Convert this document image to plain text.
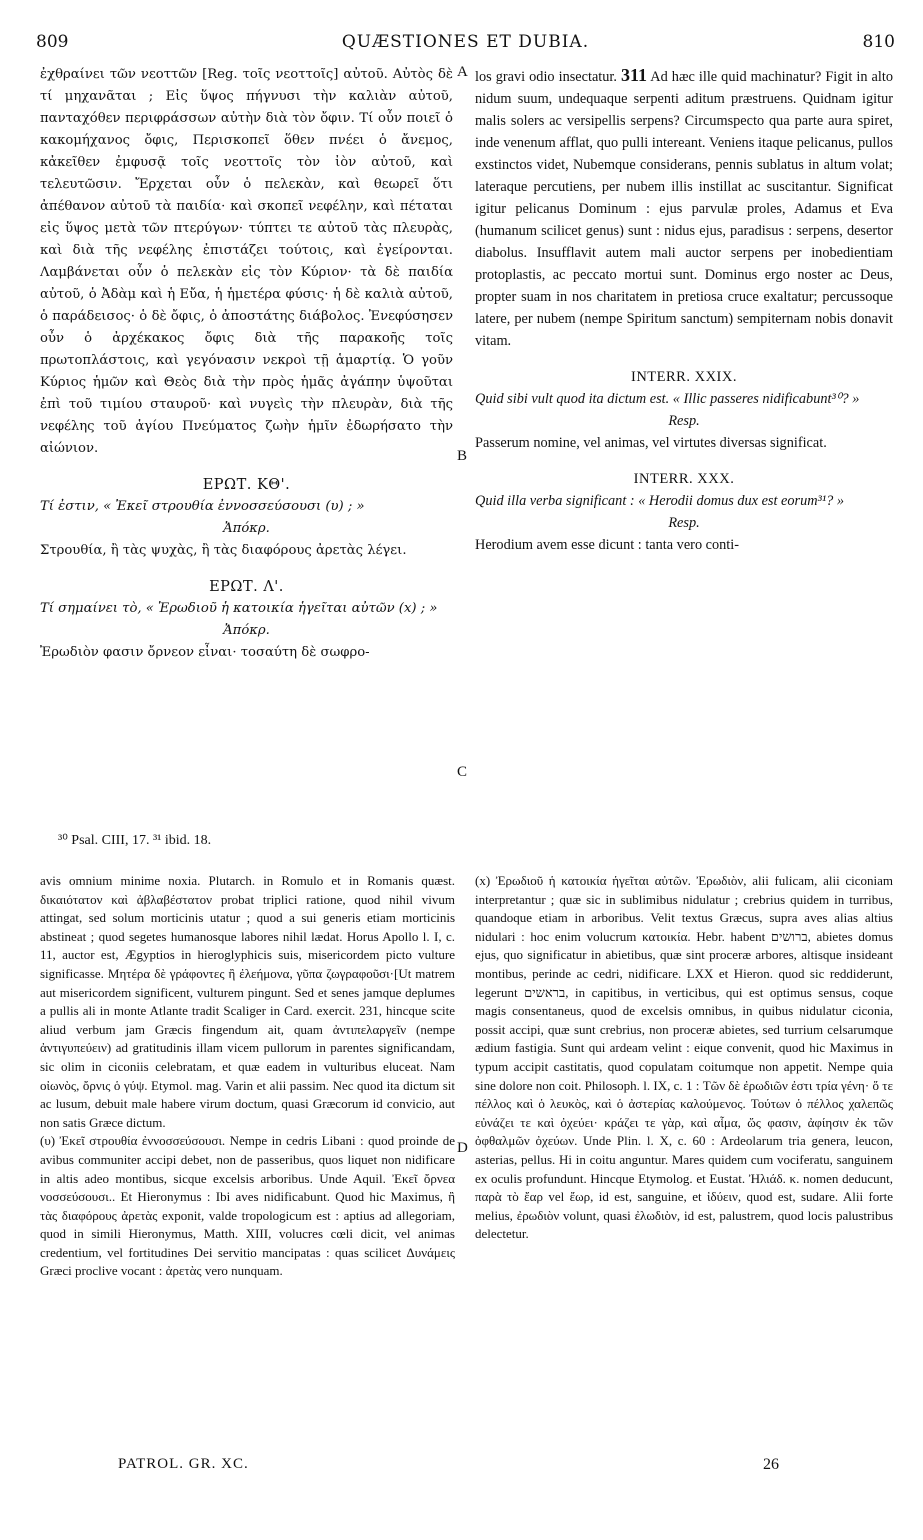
809	QUÆSTIONES ET DUBIA.	810
A
B
C
D

ἐχθραίνει τῶν νεοττῶν [Reg. τοῖς νεοττοῖς] αὐτοῦ. Αὐτὸς δὲ τί μηχανᾶται ; Εἰς ὕψος πήγνυσι τὴν καλιὰν αὐτοῦ, πανταχόθεν περιφράσσων αὐτὴν διὰ τὸν ὄφιν. Τί οὖν ποιεῖ ὁ κακομήχανος ὄφις, Περισκοπεῖ ὅθεν πνέει ὁ ἄνεμος, κἀκεῖθεν ἐμφυσᾷ τοῖς νεοττοῖς τὸν ἰὸν αὐτοῦ, καὶ τελευτῶσιν. Ἔρχεται οὖν ὁ πελεκὰν, καὶ θεωρεῖ ὅτι ἀπέθανον αὐτοῦ τὰ παιδία· καὶ σκοπεῖ νεφέλην, καὶ πέταται εἰς ὕψος μετὰ τῶν πτερύγων· τύπτει τε αὐτοῦ τὰς πλευρὰς, καὶ διὰ τῆς νεφέλης ἐπιστάζει τούτοις, καὶ ἐγείρονται. Λαμβάνεται οὖν ὁ πελεκὰν εἰς τὸν Κύριον· τὰ δὲ παιδία αὐτοῦ, ὁ Ἀδὰμ καὶ ἡ Εὔα, ἡ ἡμετέρα φύσις· ἡ δὲ καλιὰ αὐτοῦ, ὁ παράδεισος· ὁ δὲ ὄφις, ὁ ἀποστάτης διάβολος. Ἐνεφύσησεν οὖν ὁ ἀρχέκακος ὄφις διὰ τῆς παρακοῆς τοῖς πρωτοπλάστοις, καὶ γεγόνασιν νεκροὶ τῇ ἁμαρτίᾳ. Ὁ γοῦν Κύριος ἡμῶν καὶ Θεὸς διὰ τὴν πρὸς ἡμᾶς ἀγάπην ὑψοῦται ἐπὶ τοῦ τιμίου σταυροῦ· καὶ νυγεὶς τὴν πλευρὰν, διὰ τῆς νεφέλης τοῦ ἁγίου Πνεύματος ζωὴν ἡμῖν ἐδωρήσατο τὴν αἰώνιον.

ΕΡΩΤ. ΚΘ'.

Τί ἐστιν, « Ἐκεῖ στρουθία ἐννοσσεύσουσι (υ) ; »

Ἀπόκρ.

Στρουθία, ἢ τὰς ψυχὰς, ἢ τὰς διαφόρους ἀρετὰς λέγει.

ΕΡΩΤ. Λ'.

Τί σημαίνει τὸ, « Ἐρωδιοῦ ἡ κατοικία ἡγεῖται αὐτῶν (x) ; »

Ἀπόκρ.

Ἐρωδιὸν φασιν ὄρνεον εἶναι· τοσαύτη δὲ σωφρο-

los gravi odio insectatur. 311 Ad hæc ille quid machinatur? Figit in alto nidum suum, undequaque serpenti aditum præstruens. Quidnam igitur malis solers ac versipellis serpens? Circumspecto qua parte aura spiret, inde venenum afflat, quo pulli intereant. Veniens itaque pelicanus, pullos exstinctos videt, Nubemque considerans, pennis sublatus in altum volat; lateraque percutiens, per nubem illis instillat ac suscitantur. Significat igitur pelicanus Dominum : ejus parvulæ proles, Adamus et Eva (humanum scilicet genus) sunt : nidus ejus, paradisus : serpens, desertor diabolus. Insufflavit autem mali auctor serpens per inobedientiam protoplastis, ac peccato mortui sunt. Dominus ergo noster ac Deus, propter suam in nos charitatem in pretiosa cruce exaltatur; percussoque latere, per nubem (nempe Spiritum sanctum) sempiternam nobis donavit vitam.

INTERR. XXIX.

Quid sibi vult quod ita dictum est. « Illic passeres nidificabunt³⁰? »

Resp.

Passerum nomine, vel animas, vel virtutes diversas significat.

INTERR. XXX.

Quid illa verba significant : « Herodii domus dux est eorum³¹? »

Resp.

Herodium avem esse dicunt : tanta vero conti-

³⁰ Psal. CIII, 17. ³¹ ibid. 18.

avis omnium minime noxia. Plutarch. in Romulo et in Romanis quæst. δικαιότατον καὶ ἀβλαβέστατον probat triplici ratione, quod nihil vivum attingat, sed solum morticinis utatur ; quod a sui generis etiam morticinis abstineat ; quod segetes humanosque labores nihil lædat. Horus Apollo l. I, c. 11, auctor est, Ægyptios in hieroglyphicis suis, misericordem picto vulture significasse. Μητέρα δὲ γράφοντες ἢ ἐλεήμονα, γῦπα ζωγραφοῦσι·[Ut matrem aut misericordem significent, vulturem pingunt. Sed et senes jamque deplumes a pullis ali in monte Atlante tradit Scaliger in Card. exercit. 231, hincque scite aliud verbum jam Græcis fingendum ait, quam ἀντιπελαργεῖν (nempe ἀντιγυπεύειν) ad gratitudinis illam vicem pullorum in parentes significandam, sic olim in ciconiis celebratam, et quæ eadem in vulturibus eluceat. Nam οἰωνὸς, ὄρνις ὁ γύψ. Etymol. mag. Varin et alii passim. Nec quod ita dictum sit ac lusum, debuit male habere virum doctum, quasi Græcorum id convicio, aut non satis Græce dictum.

(υ) Ἐκεῖ στρουθία ἐννοσσεύσουσι. Nempe in cedris Libani : quod proinde de avibus communiter accipi debet, non de passeribus, quos liquet non nidificare in altis adeo montibus, sicque excelsis arboribus. Unde Aquil. Ἐκεῖ ὄρνεα νοσσεύσουσι.. Et Hieronymus : Ibi aves nidificabunt. Quod hic Maximus, ἢ τὰς διαφόρους ἀρετὰς exponit, valde tropologicum est : aptius ad allegoriam, quod in simili Hieronymus, Matth. XIII, volucres cœli dicit, vel animas credentium, vel fortitudines Dei servitio mancipatas : quas scilicet Δυνάμεις Græci proclive vocant : ἀρετὰς vero nunquam.

(x) Ἐρωδιοῦ ἡ κατοικία ἡγεῖται αὐτῶν. Ἐρωδιὸν, alii fulicam, alii ciconiam interpretantur ; quæ sic in sublimibus nidulatur ; crebrius quidem in turribus, quandoque etiam in arboribus. Velit textus Græcus, supra aves alias altius nidulari : hoc enim volucrum κατοικία. Hebr. habent ברושים, abietes domus ejus, quo significatur in abietibus, quæ sint proceræ arbores, altisque insideant montibus, perinde ac cedri, nidificare. LXX et Hieron. quod sic reddiderunt, legerunt בראשים, in capitibus, in verticibus, qui est optimus sensus, coque magis consentaneus, quod de excelsis omnibus, in quibus nidulatur ciconia, possit accipi, quæ sunt crebrius, non proceræ abietes, sed turrium celsarumque ædium fastigia. Sunt qui ardeam velint : eique convenit, quod hic Maximus in typum accipit castitatis, quod copulatam coitumque non appetit. Nempe quia sine dolore non coit. Philosoph. l. IX, c. 1 : Τῶν δὲ ἐρωδιῶν ἐστι τρία γένη· ὅ τε πέλλος καὶ ὁ λευκὸς, καὶ ὁ ἀστερίας καλούμενος. Τούτων ὁ πέλλος χαλεπῶς εὐνάζει τε καὶ ὀχεύει· κράζει τε γὰρ, καὶ αἷμα, ὥς φασιν, ἀφίησιν ἐκ τῶν ὀφθαλμῶν ὀχεύων. Unde Plin. l. X, c. 60 : Ardeolarum tria genera, leucon, asterias, pellus. Hi in coitu anguntur. Mares quidem cum vociferatu, sanguinem ex oculis profundunt. Hincque Etymolog. et Eustat. Ἠλιάδ. κ. nomen deducunt, παρὰ τὸ ἔαρ vel ἔωρ, id est, sanguine, et ἰδύειν, quod est, sudare. Alii forte melius, ἐρωδιὸν volunt, quasi ἐλωδιὸν, id est, palustrem, quod locis palustribus delectetur.

PATROL. GR. XC.	26
